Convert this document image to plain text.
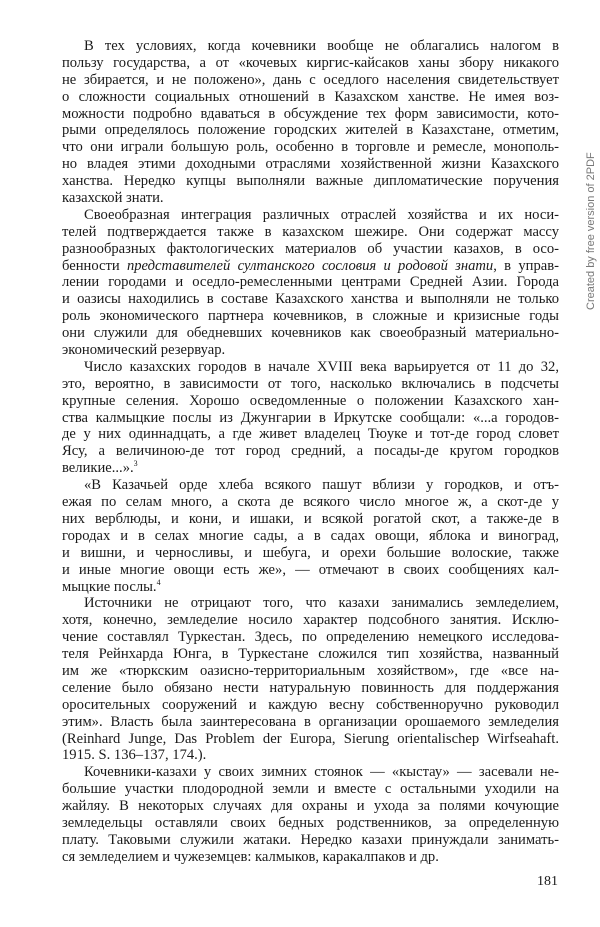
В тех условиях, когда кочевники вообще не облагались налогом в
пользу государства, а от «кочевых киргис-кайсаков ханы збору никакого
не збирается, и не положено», дань с оседлого населения свидетельствует
о сложности социальных отношений в Казахском ханстве. Не имея воз-
можности подробно вдаваться в обсуждение тех форм зависимости, кото-
рыми определялось положение городских жителей в Казахстане, отметим,
что они играли большую роль, особенно в торговле и ремесле, монополь-
но владея этими доходными отраслями хозяйственной жизни Казахского
ханства. Нередко купцы выполняли важные дипломатические поручения
казахской знати.
Своеобразная интеграция различных отраслей хозяйства и их носи-
телей подтверждается также в казахском шежире. Они содержат массу
разнообразных фактологических материалов об участии казахов, в осо-
бенности представителей султанского сословия и родовой знати, в управ-
лении городами и оседло-ремесленными центрами Средней Азии. Города
и оазисы находились в составе Казахского ханства и выполняли не только
роль экономического партнера кочевников, в сложные и кризисные годы
они служили для обедневших кочевников как своеобразный материально-
экономический резервуар.
Число казахских городов в начале XVIII века варьируется от 11 до 32,
это, вероятно, в зависимости от того, насколько включались в подсчеты
крупные селения. Хорошо осведомленные о положении Казахского хан-
ства калмыцкие послы из Джунгарии в Иркутске сообщали: «...а городов-
де у них одиннадцать, а где живет владелец Тюуке и тот-де город словет
Ясу, а величиною-де тот город средний, а посады-де кругом городков
великие...».$^3$
«В Казачьей орде хлеба всякого пашут вблизи у городков, и отъ-
ежая по селам много, а скота де всякого число многое ж, а скот-де у
них верблюды, и кони, и ишаки, и всякой рогатой скот, а также-де в
городах и в селах многие сады, а в садах овощи, яблока и виноград,
и вишни, и черносливы, и шебуга, и орехи большие волоские, также
и иные многие овощи есть же», — отмечают в своих сообщениях кал-
мыцкие послы.$^4$
Источники не отрицают того, что казахи занимались земледелием,
хотя, конечно, земледелие носило характер подсобного занятия. Исклю-
чение составлял Туркестан. Здесь, по определению немецкого исследова-
теля Рейнхарда Юнга, в Туркестане сложился тип хозяйства, названный
им же «тюркским оазисно-территориальным хозяйством», где «все на-
селение было обязано нести натуральную повинность для поддержания
оросительных сооружений и каждую весну собственноручно руководил
этим». Власть была заинтересована в организации орошаемого земледелия
(Reinhard Junge, Das Problem der Europa, Sierung orientalischep Wirfseahaft.
1915. S. 136–137, 174.).
Кочевники-казахи у своих зимних стоянок — «кыстау» — засевали не-
большие участки плодородной земли и вместе с остальными уходили на
жайляу. В некоторых случаях для охраны и ухода за полями кочующие
земледельцы оставляли своих бедных родственников, за определенную
плату. Таковыми служили жатаки. Нередко казахи принуждали занимать-
ся земледелием и чужеземцев: калмыков, каракалпаков и др.
181
Created by free version of 2PDF
